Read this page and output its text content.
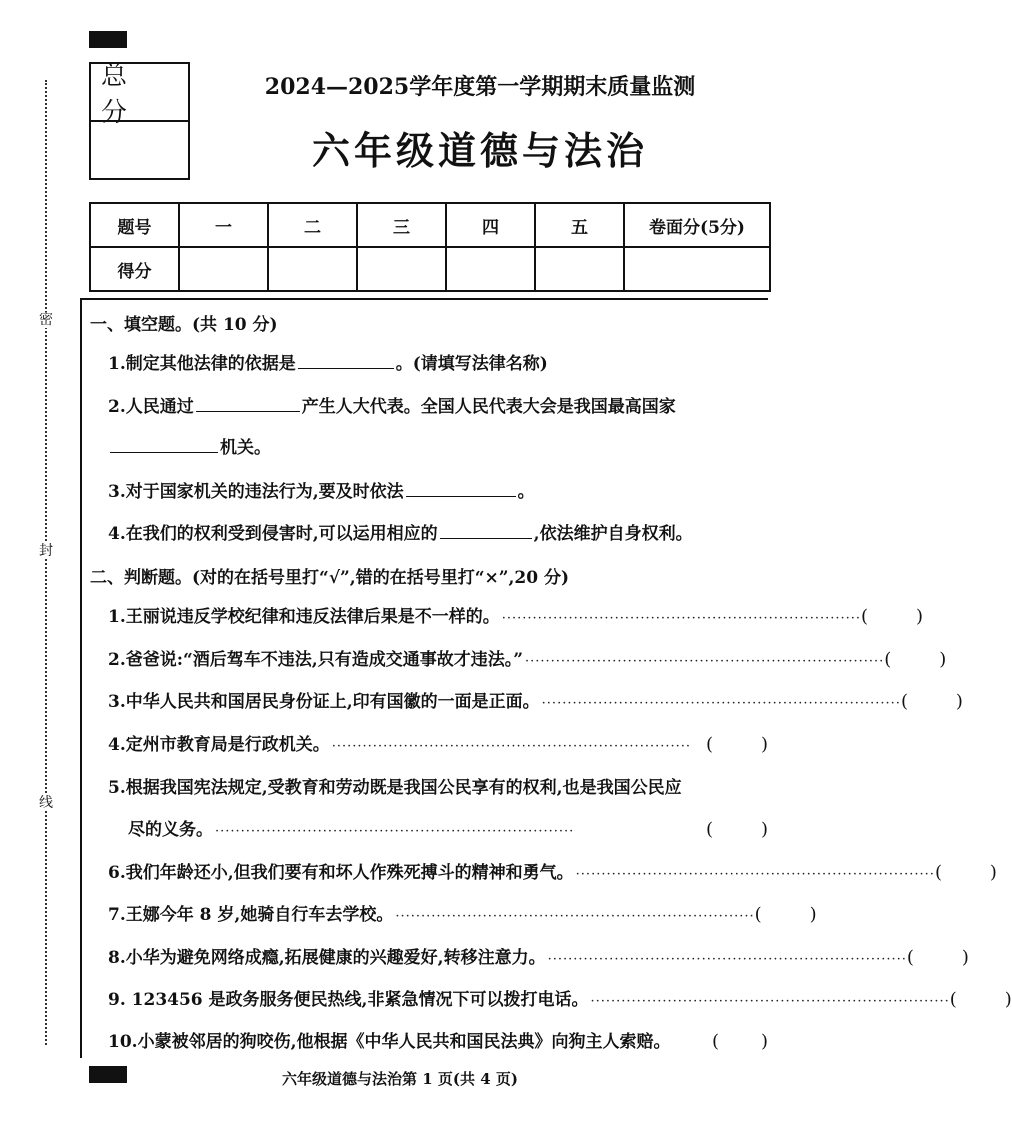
密
封
线
总 分
2024—2025学年度第一学期期末质量监测
六年级道德与法治
题号	一	二	三	四	五	卷面分(5分)
得分						
一、填空题。(共 10 分)
1.制定其他法律的依据是	。(请填写法律名称)
2.人民通过	产生人大代表。全国人民代表大会是我国最高国家
机关。
3.对于国家机关的违法行为,要及时依法	。
4.在我们的权利受到侵害时,可以运用相应的	,依法维护自身权利。
二、判断题。(对的在括号里打“√”,错的在括号里打“×”,20 分)
1.王丽说违反学校纪律和违反法律后果是不一样的。 ······································································ (	)
2.爸爸说:“酒后驾车不违法,只有造成交通事故才违法。” ······································································ (	)
3.中华人民共和国居民身份证上,印有国徽的一面是正面。 ······································································ (	)
4.定州市教育局是行政机关。 ······································································ (	)
5.根据我国宪法规定,受教育和劳动既是我国公民享有的权利,也是我国公民应
尽的义务。 ······································································	(	)
6.我们年龄还小,但我们要有和坏人作殊死搏斗的精神和勇气。 ······································································ (	)
7.王娜今年 8 岁,她骑自行车去学校。 ······································································ (	)
8.小华为避免网络成瘾,拓展健康的兴趣爱好,转移注意力。 ······································································ (	)
9. 123456 是政务服务便民热线,非紧急情况下可以拨打电话。 ······································································ (	)
10.小蒙被邻居的狗咬伤,他根据《中华人民共和国民法典》向狗主人索赔。 ( )
六年级道德与法治第 1 页(共 4 页)
